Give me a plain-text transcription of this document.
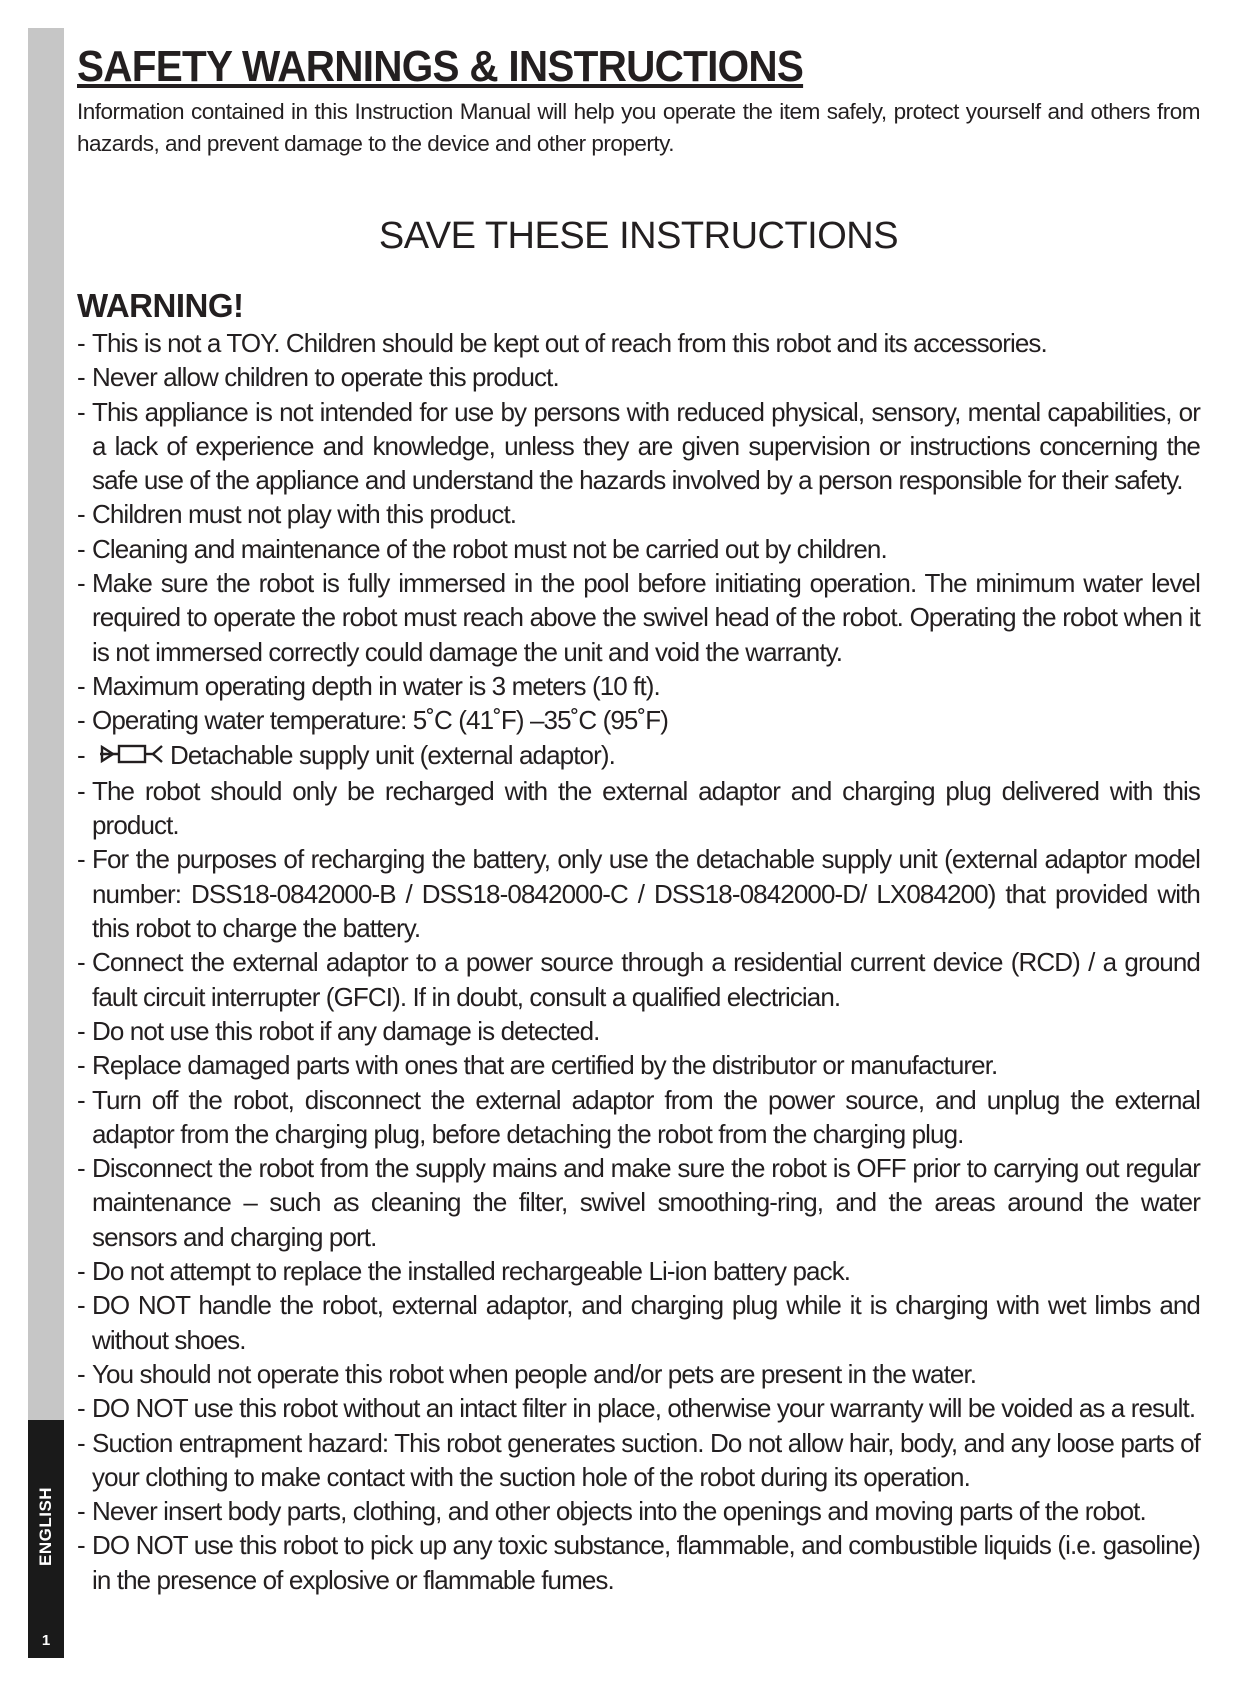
1
SAFETY WARNINGS & INSTRUCTIONS

Information contained in this Instruction Manual will help you operate the item safely, protect yourself and others from hazards, and prevent damage to the device and other property.

SAVE THESE INSTRUCTIONS
WARNING!
- This is not a TOY. Children should be kept out of reach from this robot and its accessories.
- Never allow children to operate this product.
- This appliance is not intended for use by persons with reduced physical, sensory, mental capabilities, or a lack of experience and knowledge, unless they are given supervision or instructions concerning the safe use of the appliance and understand the hazards involved by a person responsible for their safety.
- Children must not play with this product.
- Cleaning and maintenance of the robot must not be carried out by children.
- Make sure the robot is fully immersed in the pool before initiating operation. The minimum water level required to operate the robot must reach above the swivel head of the robot. Operating the robot when it is not immersed correctly could damage the unit and void the warranty.
- Maximum operating depth in water is 3 meters (10 ft).
- Operating water temperature: 5˚C (41˚F) –35˚C (95˚F)
-	Detachable supply unit (external adaptor).
- The robot should only be recharged with the external adaptor and charging plug delivered with this product.
- For the purposes of recharging the battery, only use the detachable supply unit (external adaptor model number: DSS18-0842000-B / DSS18-0842000-C / DSS18-0842000-D/ LX084200) that provided with this robot to charge the battery.
- Connect the external adaptor to a power source through a residential current device (RCD) / a ground fault circuit interrupter (GFCI). If in doubt, consult a qualified electrician.
- Do not use this robot if any damage is detected.
- Replace damaged parts with ones that are certified by the distributor or manufacturer.
- Turn off the robot, disconnect the external adaptor from the power source, and unplug the external adaptor from the charging plug, before detaching the robot from the charging plug.
- Disconnect the robot from the supply mains and make sure the robot is OFF prior to carrying out regular maintenance – such as cleaning the filter, swivel smoothing-ring, and the areas around the water sensors and charging port.
- Do not attempt to replace the installed rechargeable Li-ion battery pack.
- DO NOT handle the robot, external adaptor, and charging plug while it is charging with wet limbs and without shoes.
- You should not operate this robot when people and/or pets are present in the water.
- DO NOT use this robot without an intact filter in place, otherwise your warranty will be voided as a result.
- Suction entrapment hazard: This robot generates suction. Do not allow hair, body, and any loose parts of your clothing to make contact with the suction hole of the robot during its operation.
- Never insert body parts, clothing, and other objects into the openings and moving parts of the robot.
- DO NOT use this robot to pick up any toxic substance, flammable, and combustible liquids (i.e. gasoline) in the presence of explosive or flammable fumes.
